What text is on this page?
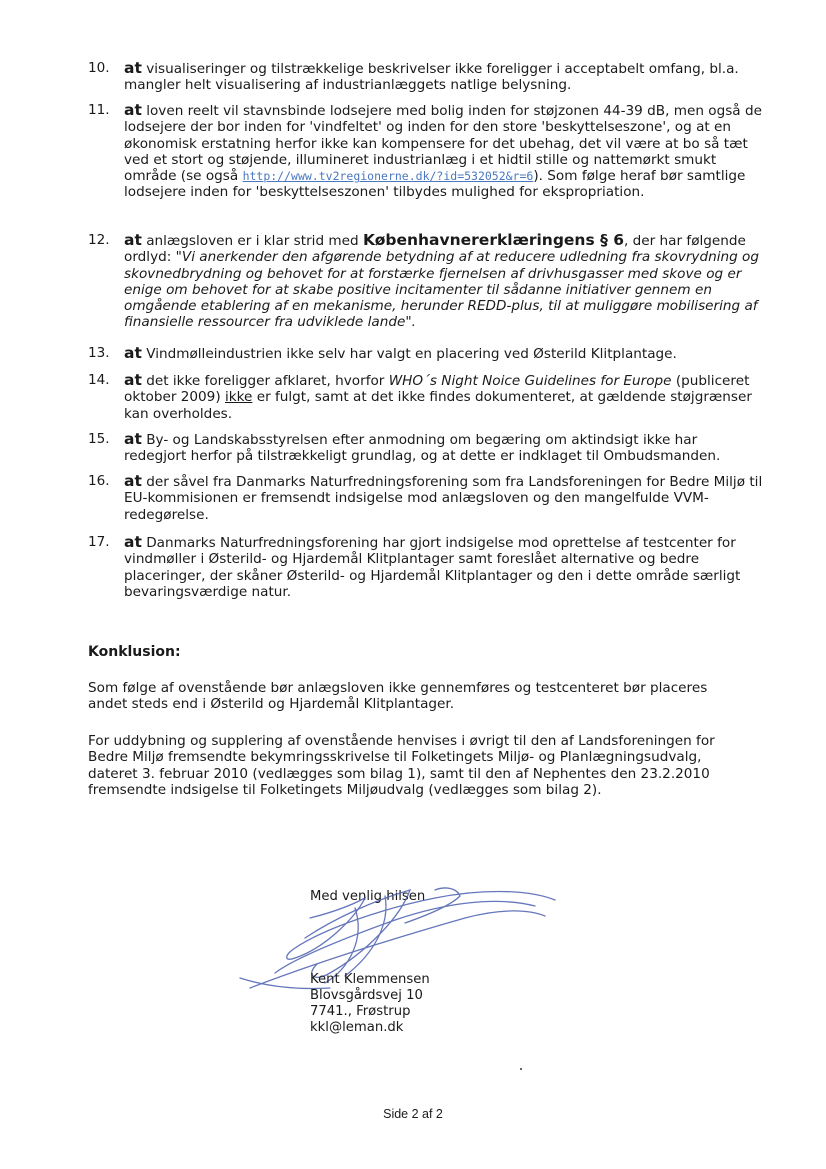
10. at visualiseringer og tilstrækkelige beskrivelser ikke foreligger i acceptabelt omfang, bl.a. mangler helt visualisering af industrianlæggets natlige belysning.
11. at loven reelt vil stavnsbinde lodsejere med bolig inden for støjzonen 44-39 dB, men også de lodsejere der bor inden for 'vindfeltet' og inden for den store 'beskyttelseszone', og at en økonomisk erstatning herfor ikke kan kompensere for det ubehag, det vil være at bo så tæt ved et stort og støjende, illumineret industrianlæg i et hidtil stille og nattemørkt smukt område (se også http://www.tv2regionerne.dk/?id=532052&r=6). Som følge heraf bør samtlige lodsejere inden for 'beskyttelseszonen' tilbydes mulighed for ekspropriation.
12. at anlægsloven er i klar strid med Københavnererklæringens § 6, der har følgende ordlyd: "Vi anerkender den afgørende betydning af at reducere udledning fra skovrydning og skovnedbrydning og behovet for at forstærke fjernelsen af drivhusgasser med skove og er enige om behovet for at skabe positive incitamenter til sådanne initiativer gennem en omgående etablering af en mekanisme, herunder REDD-plus, til at muliggøre mobilisering af finansielle ressourcer fra udviklede lande".
13. at Vindmølleindustrien ikke selv har valgt en placering ved Østerild Klitplantage.
14. at det ikke foreligger afklaret, hvorfor WHO´s Night Noice Guidelines for Europe (publiceret oktober 2009) ikke er fulgt, samt at det ikke findes dokumenteret, at gældende støjgrænser kan overholdes.
15. at By- og Landskabsstyrelsen efter anmodning om begæring om aktindsigt ikke har redegjort herfor på tilstrækkeligt grundlag, og at dette er indklaget til Ombudsmanden.
16. at der såvel fra Danmarks Naturfredningsforening som fra Landsforeningen for Bedre Miljø til EU-kommisionen er fremsendt indsigelse mod anlægsloven og den mangelfulde VVM-redegørelse.
17. at Danmarks Naturfredningsforening har gjort indsigelse mod oprettelse af testcenter for vindmøller i Østerild- og Hjardemål Klitplantager samt foreslået alternative og bedre placeringer, der skåner Østerild- og Hjardemål Klitplantager og den i dette område særligt bevaringsværdige natur.
Konklusion:
Som følge af ovenstående bør anlægsloven ikke gennemføres og testcenteret bør placeres andet steds end i Østerild og Hjardemål Klitplantager.
For uddybning og supplering af ovenstående henvises i øvrigt til den af Landsforeningen for Bedre Miljø fremsendte bekymringsskrivelse til Folketingets Miljø- og Planlægningsudvalg, dateret 3. februar 2010 (vedlægges som bilag 1), samt til den af Nephentes den 23.2.2010 fremsendte indsigelse til Folketingets Miljøudvalg (vedlægges som bilag 2).
Med venlig hilsen
Kent Klemmensen
Blovsgårdsvej 10
7741., Frøstrup
kkl@leman.dk
Side 2 af 2
